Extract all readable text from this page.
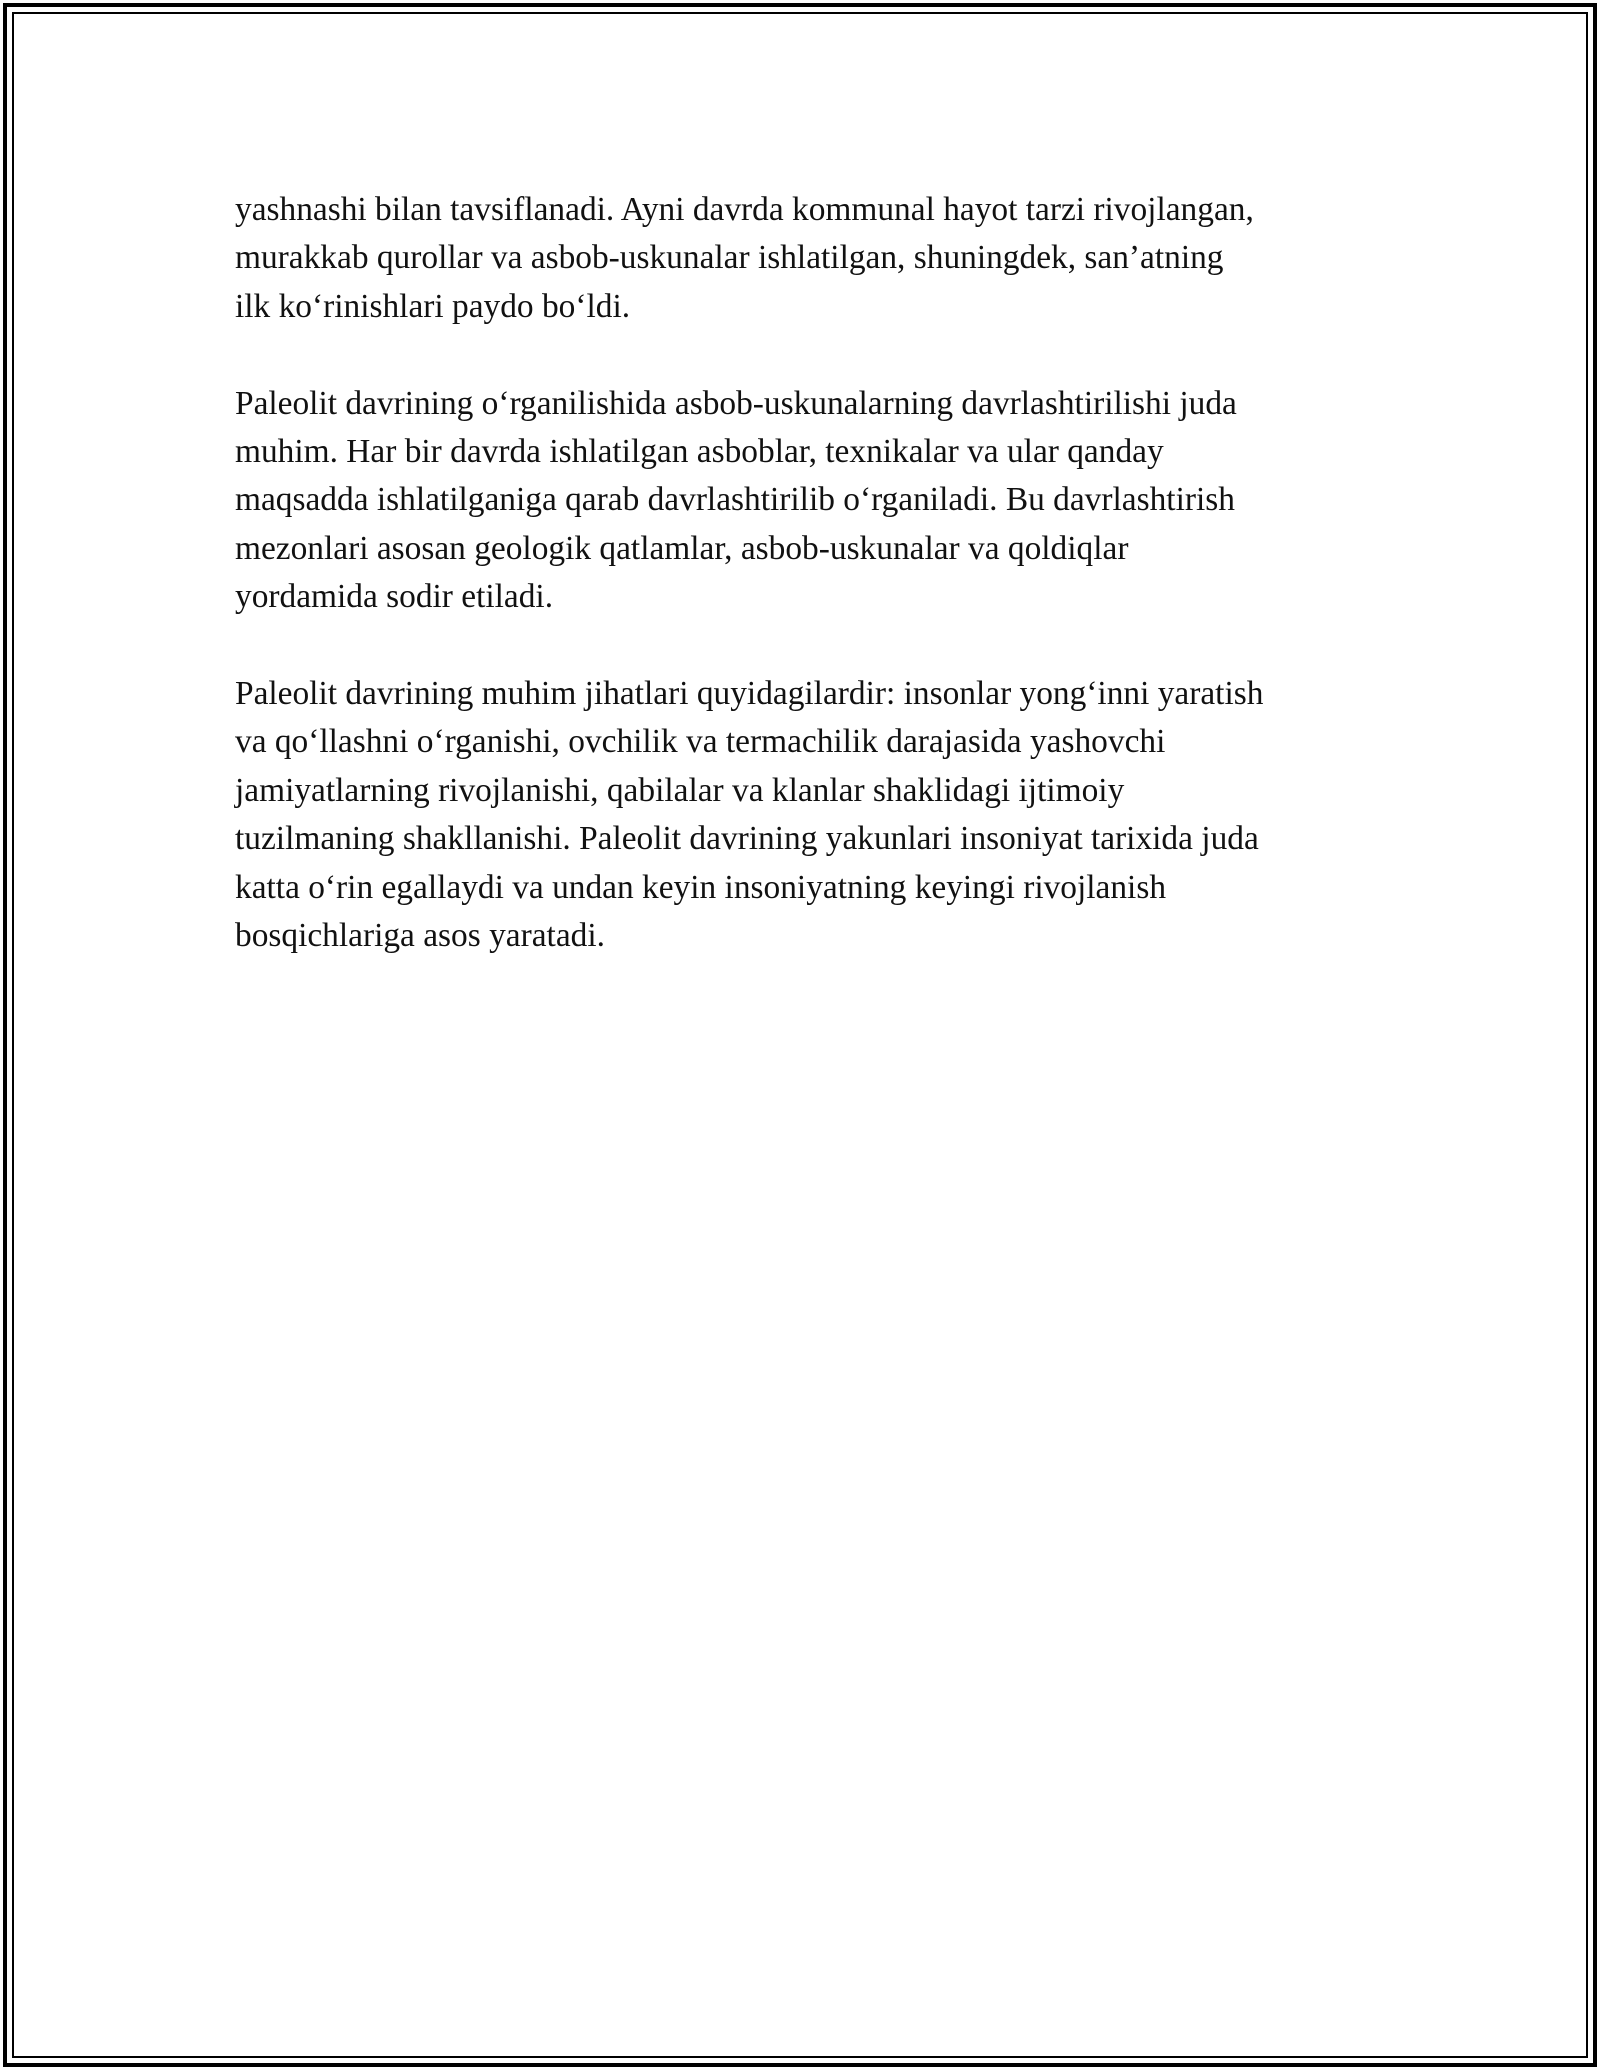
yashnashi bilan tavsiflanadi. Ayni davrda kommunal hayot tarzi rivojlangan,
murakkab qurollar va asbob-uskunalar ishlatilgan, shuningdek, san’atning
ilk ko‘rinishlari paydo bo‘ldi.

Paleolit davrining o‘rganilishida asbob-uskunalarning davrlashtirilishi juda
muhim. Har bir davrda ishlatilgan asboblar, texnikalar va ular qanday
maqsadda ishlatilganiga qarab davrlashtirilib o‘rganiladi. Bu davrlashtirish
mezonlari asosan geologik qatlamlar, asbob-uskunalar va qoldiqlar
yordamida sodir etiladi.

Paleolit davrining muhim jihatlari quyidagilardir: insonlar yong‘inni yaratish
va qo‘llashni o‘rganishi, ovchilik va termachilik darajasida yashovchi
jamiyatlarning rivojlanishi, qabilalar va klanlar shaklidagi ijtimoiy
tuzilmaning shakllanishi. Paleolit davrining yakunlari insoniyat tarixida juda
katta o‘rin egallaydi va undan keyin insoniyatning keyingi rivojlanish
bosqichlariga asos yaratadi.
